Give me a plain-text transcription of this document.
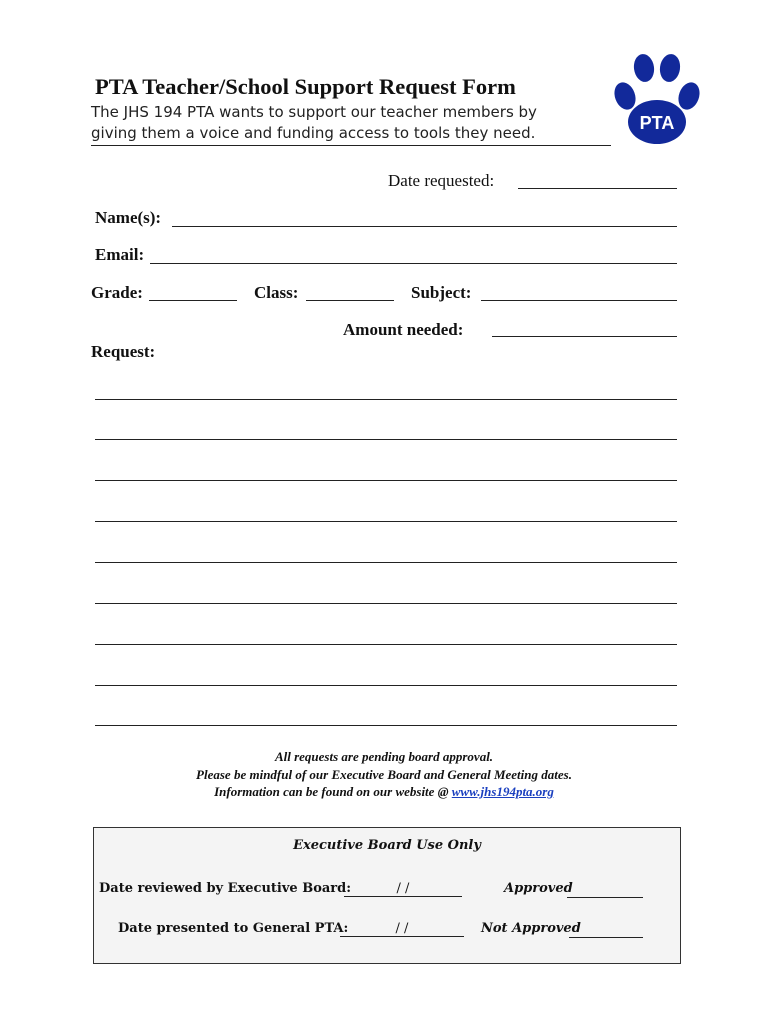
PTA
PTA Teacher/School Support Request Form
The JHS 194 PTA wants to support our teacher members by
giving them a voice and funding access to tools they need.
Date requested:
Name(s):
Email:
Grade:	Class:	Subject:
Amount needed:
Request:
All requests are pending board approval.
Please be mindful of our Executive Board and General Meeting dates.
Information can be found on our website @ www.jhs194pta.org
Executive Board Use Only
Date reviewed by Executive Board:	/ /	Approved
Date presented to General PTA:	/ /	Not Approved
